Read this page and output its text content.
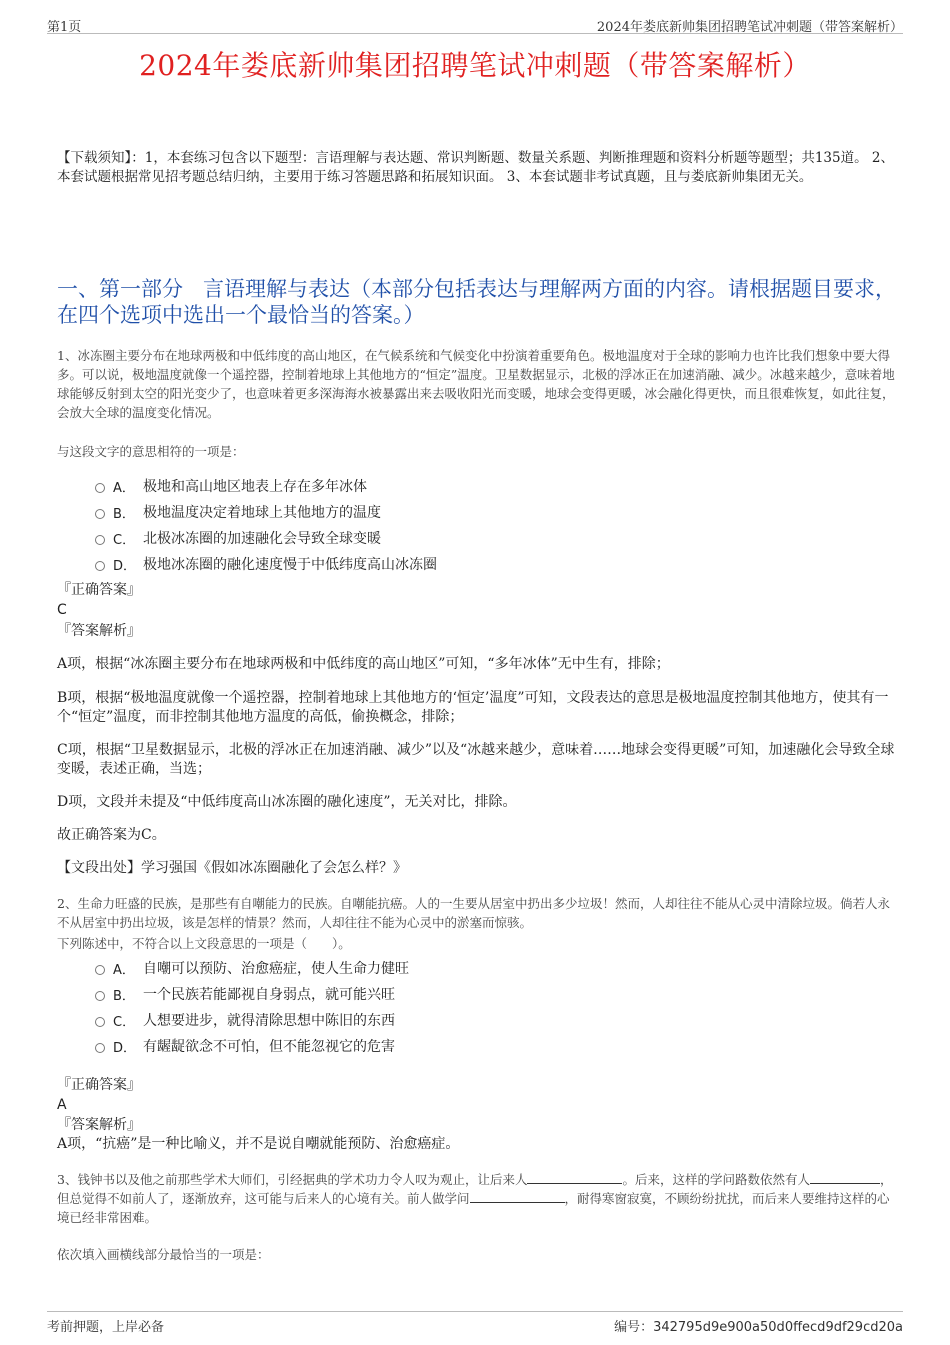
第1页	2024年娄底新帅集团招聘笔试冲刺题（带答案解析）
2024年娄底新帅集团招聘笔试冲刺题（带答案解析）
【下载须知】：1，本套练习包含以下题型：言语理解与表达题、常识判断题、数量关系题、判断推理题和资料分析题等题型；共135道。 2、本套试题根据常见招考题总结归纳，主要用于练习答题思路和拓展知识面。 3、本套试题非考试真题，且与娄底新帅集团无关。
一、第一部分 言语理解与表达（本部分包括表达与理解两方面的内容。请根据题目要求，在四个选项中选出一个最恰当的答案。）
1、冰冻圈主要分布在地球两极和中低纬度的高山地区，在气候系统和气候变化中扮演着重要角色。极地温度对于全球的影响力也许比我们想象中要大得多。可以说，极地温度就像一个遥控器，控制着地球上其他地方的“恒定”温度。卫星数据显示，北极的浮冰正在加速消融、减少。冰越来越少，意味着地球能够反射到太空的阳光变少了，也意味着更多深海海水被暴露出来去吸收阳光而变暖，地球会变得更暖，冰会融化得更快，而且很难恢复，如此往复，会放大全球的温度变化情况。
与这段文字的意思相符的一项是：
A． 极地和高山地区地表上存在多年冰体
B． 极地温度决定着地球上其他地方的温度
C． 北极冰冻圈的加速融化会导致全球变暖
D． 极地冰冻圈的融化速度慢于中低纬度高山冰冻圈
『正确答案』
C
『答案解析』
A项，根据“冰冻圈主要分布在地球两极和中低纬度的高山地区”可知，“多年冰体”无中生有，排除；
B项，根据“极地温度就像一个遥控器，控制着地球上其他地方的‘恒定’温度”可知，文段表达的意思是极地温度控制其他地方，使其有一个“恒定”温度，而非控制其他地方温度的高低，偷换概念，排除；
C项，根据“卫星数据显示，北极的浮冰正在加速消融、减少”以及“冰越来越少，意味着……地球会变得更暖”可知，加速融化会导致全球变暖，表述正确，当选；
D项，文段并未提及“中低纬度高山冰冻圈的融化速度”，无关对比，排除。
故正确答案为C。
【文段出处】学习强国《假如冰冻圈融化了会怎么样？》
2、生命力旺盛的民族，是那些有自嘲能力的民族。自嘲能抗癌。人的一生要从居室中扔出多少垃圾！然而，人却往往不能从心灵中清除垃圾。倘若人永不从居室中扔出垃圾，该是怎样的情景？然而，人却往往不能为心灵中的淤塞而惊骇。
下列陈述中，不符合以上文段意思的一项是（　　）。
A． 自嘲可以预防、治愈癌症，使人生命力健旺
B． 一个民族若能鄙视自身弱点，就可能兴旺
C． 人想要进步，就得清除思想中陈旧的东西
D． 有龌龊欲念不可怕，但不能忽视它的危害
『正确答案』
A
『答案解析』
A项，“抗癌”是一种比喻义，并不是说自嘲就能预防、治愈癌症。
3、钱钟书以及他之前那些学术大师们，引经据典的学术功力令人叹为观止，让后来人	。后来，这样的学问路数依然有人	，但总觉得不如前人了，逐渐放弃，这可能与后来人的心境有关。前人做学问	，耐得寒窗寂寞，不顾纷纷扰扰，而后来人要维持这样的心境已经非常困难。
依次填入画横线部分最恰当的一项是：
考前押题，上岸必备	编号：342795d9e900a50d0ffecd9df29cd20a
